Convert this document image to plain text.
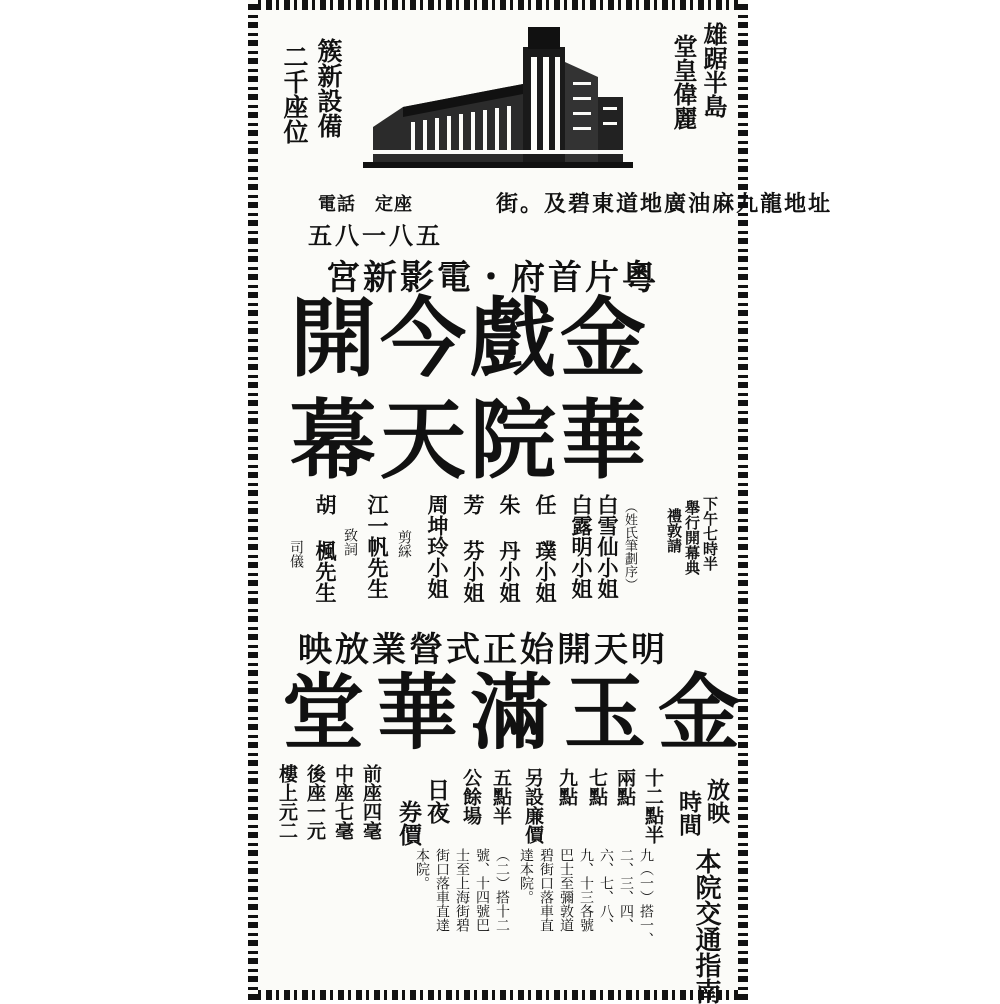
雄踞半島
堂皇偉麗
簇新設備
二千座位
街。及碧東道地廣油麻九龍地址
電話　 定座
五八一八五
粵片首府・電影新宮
金戲今開
華院天幕
下午七時半
舉行開幕典
禮敦請
（姓氏筆劃序）
白雪仙小姐
白露明小姐
任 璞小姐
朱 丹小姐
芳 芬小姐
周坤玲小姐
剪綵
江一帆先生
致詞
胡 楓先生
司儀
明天開始正式營業放映
金玉滿華堂
放映
時間
十二點半
兩點
七點
九點
另設廉價
五點半
公餘場
日夜
券價
前座四毫
中座七毫
後座一元
樓上元二
本院交通指南
九（一）搭一、
二、三、四、
六、七、八、
九、十三各號
巴士至彌敦道
碧街口落車直
達本院。
（二）搭十二
號、十四號巴
士至上海街碧
街口落車直達
本院。
